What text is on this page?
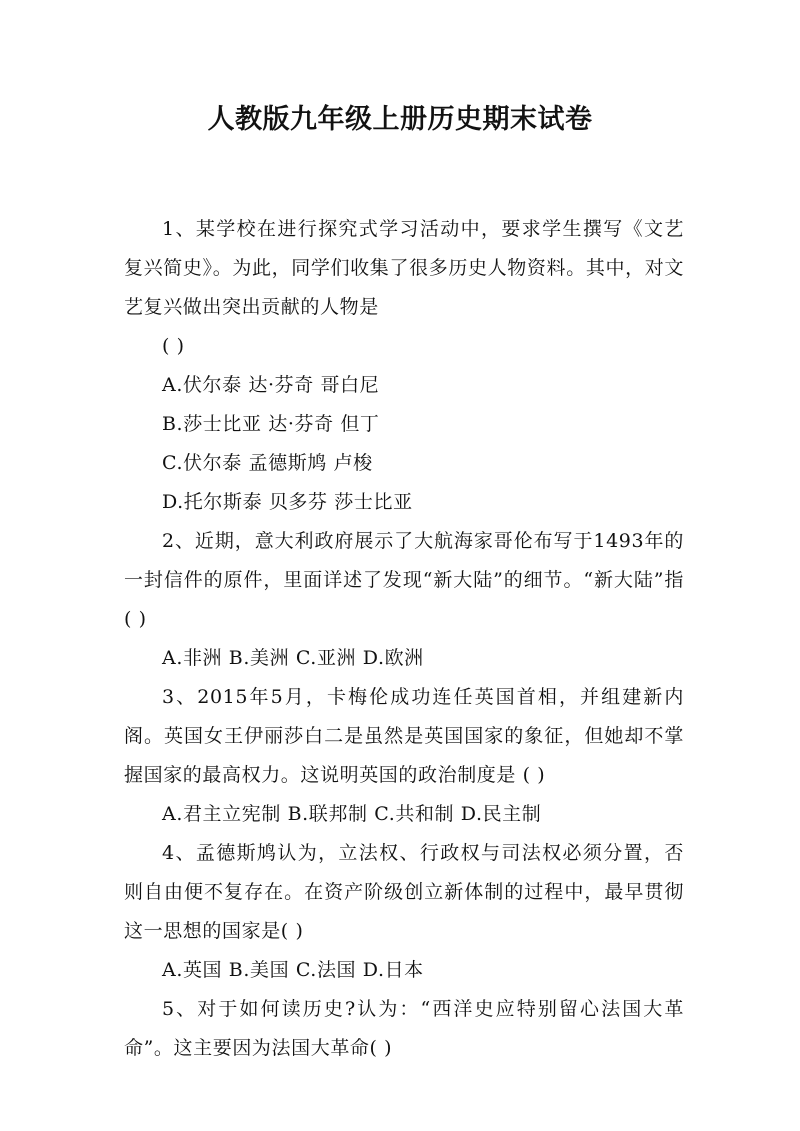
人教版九年级上册历史期末试卷

1、某学校在进行探究式学习活动中，要求学生撰写《文艺复兴简史》。为此，同学们收集了很多历史人物资料。其中，对文艺复兴做出突出贡献的人物是

( )

A.伏尔泰 达·芬奇 哥白尼

B.莎士比亚 达·芬奇 但丁

C.伏尔泰 孟德斯鸠 卢梭

D.托尔斯泰 贝多芬 莎士比亚

2、近期，意大利政府展示了大航海家哥伦布写于1493年的一封信件的原件，里面详述了发现“新大陆”的细节。“新大陆”指 ( )

A.非洲 B.美洲 C.亚洲 D.欧洲

3、2015年5月，卡梅伦成功连任英国首相，并组建新内阁。英国女王伊丽莎白二是虽然是英国国家的象征，但她却不掌握国家的最高权力。这说明英国的政治制度是 ( )

A.君主立宪制 B.联邦制 C.共和制 D.民主制

4、孟德斯鸠认为，立法权、行政权与司法权必须分置，否则自由便不复存在。在资产阶级创立新体制的过程中，最早贯彻这一思想的国家是( )

A.英国 B.美国 C.法国 D.日本

5、对于如何读历史?认为：“西洋史应特别留心法国大革命”。这主要因为法国大革命( )
